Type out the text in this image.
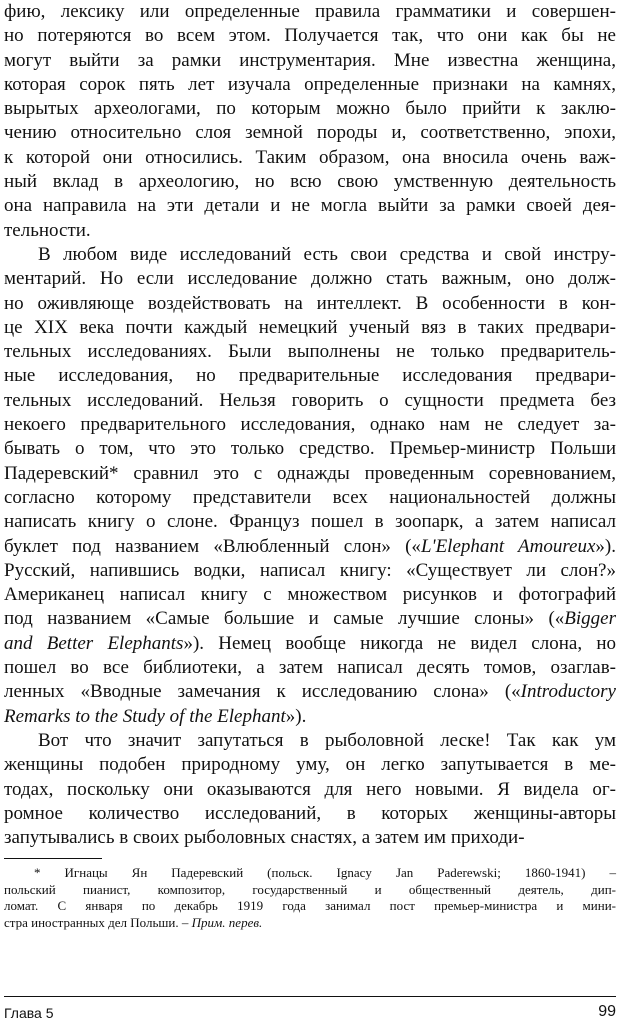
фию, лексику или определенные правила грамматики и совершен-
но потеряются во всем этом. Получается так, что они как бы не
могут выйти за рамки инструментария. Мне известна женщина,
которая сорок пять лет изучала определенные признаки на камнях,
вырытых археологами, по которым можно было прийти к заклю-
чению относительно слоя земной породы и, соответственно, эпохи,
к которой они относились. Таким образом, она вносила очень важ-
ный вклад в археологию, но всю свою умственную деятельность
она направила на эти детали и не могла выйти за рамки своей дея-
тельности.
В любом виде исследований есть свои средства и свой инстру-
ментарий. Но если исследование должно стать важным, оно долж-
но оживляюще воздействовать на интеллект. В особенности в кон-
це XIX века почти каждый немецкий ученый вяз в таких предвари-
тельных исследованиях. Были выполнены не только предваритель-
ные исследования, но предварительные исследования предвари-
тельных исследований. Нельзя говорить о сущности предмета без
некоего предварительного исследования, однако нам не следует за-
бывать о том, что это только средство. Премьер-министр Польши
Падеревский* сравнил это с однажды проведенным соревнованием,
согласно которому представители всех национальностей должны
написать книгу о слоне. Француз пошел в зоопарк, а затем написал
буклет под названием «Влюбленный слон» («L'Elephant Amoureux»).
Русский, напившись водки, написал книгу: «Существует ли слон?»
Американец написал книгу с множеством рисунков и фотографий
под названием «Самые большие и самые лучшие слоны» («Bigger
and Better Elephants»). Немец вообще никогда не видел слона, но
пошел во все библиотеки, а затем написал десять томов, озаглав-
ленных «Вводные замечания к исследованию слона» («Introductory
Remarks to the Study of the Elephant»).
Вот что значит запутаться в рыболовной леске! Так как ум
женщины подобен природному уму, он легко запутывается в ме-
тодах, поскольку они оказываются для него новыми. Я видела ог-
ромное количество исследований, в которых женщины-авторы
запутывались в своих рыболовных снастях, а затем им приходи-
* Игнацы Ян Падеревский (польск. Ignacy Jan Paderewski; 1860-1941) –
польский пианист, композитор, государственный и общественный деятель, дип-
ломат. С января по декабрь 1919 года занимал пост премьер-министра и мини-
стра иностранных дел Польши. – Прим. перев.
Глава 5	99
